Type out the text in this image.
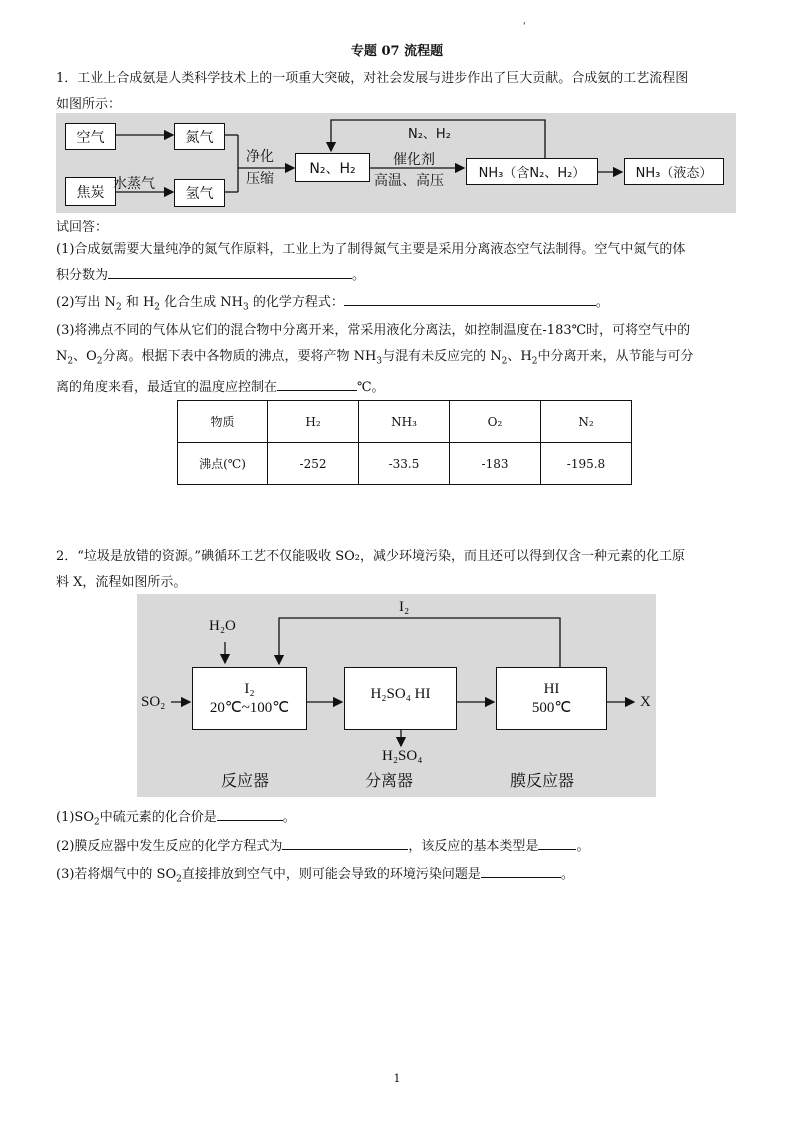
'
专题 07 流程题
1．工业上合成氨是人类科学技术上的一项重大突破，对社会发展与进步作出了巨大贡献。合成氨的工艺流程图
如图所示：
空气	氮气
焦炭
水蒸气
氢气
净化
压缩
N₂、H₂
催化剂
高温、高压	NH₃（含N₂、H₂）	NH₃（液态）
N₂、H₂
试回答：
(1)合成氨需要大量纯净的氮气作原料，工业上为了制得氮气主要是采用分离液态空气法制得。空气中氮气的体
积分数为	。
(2)写出 $N_2$ 和 $H_2$ 化合生成 $NH_3$ 的化学方程式：	。
(3)将沸点不同的气体从它们的混合物中分离开来，常采用液化分离法，如控制温度在-183℃时，可将空气中的
$N_2$、$O_2$分离。根据下表中各物质的沸点，要将产物 $NH_3$与混有未反应完的 $N_2$、$H_2$中分离开来，从节能与可分
离的角度来看，最适宜的温度应控制在	℃。
物质	H₂	NH₃	O₂	N₂
沸点(℃)	-252	-33.5	-183	-195.8
2．“垃圾是放错的资源。”碘循环工艺不仅能吸收 SO₂，减少环境污染，而且还可以得到仅含一种元素的化工原
料 X，流程如图所示。
I₂
H₂O
SO₂
I₂
20℃~100℃
H₂SO₄ HI
H₂SO₄
HI
500℃	X
反应器	分离器	膜反应器
$(1)SO_2$中硫元素的化合价是	。
(2)膜反应器中发生反应的化学方程式为	，该反应的基本类型是	。
(3)若将烟气中的 $SO_2$直接排放到空气中，则可能会导致的环境污染问题是	。
1
